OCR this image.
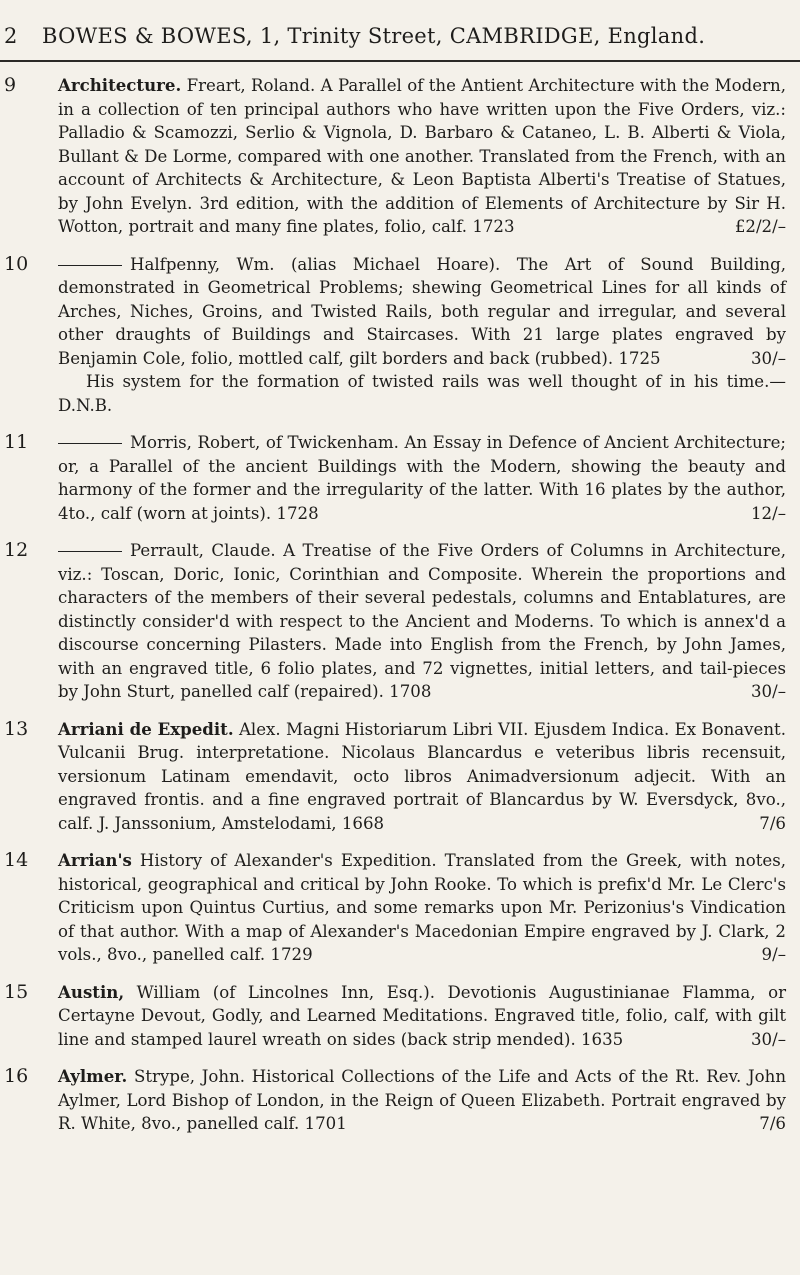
2 BOWES & BOWES, 1, Trinity Street, CAMBRIDGE, England.
9	Architecture. Freart, Roland. A Parallel of the Antient Architecture with the Modern, in a collection of ten principal authors who have written upon the Five Orders, viz.: Palladio & Scamozzi, Serlio & Vignola, D. Barbaro & Cataneo, L. B. Alberti & Viola, Bullant & De Lorme, compared with one another. Translated from the French, with an account of Architects & Architecture, & Leon Baptista Alberti's Treatise of Statues, by John Evelyn. 3rd edition, with the addition of Elements of Architecture by Sir H. Wotton, portrait and many fine plates, folio, calf. 1723	£2/2/–
10	Halfpenny, Wm. (alias Michael Hoare). The Art of Sound Building, demonstrated in Geometrical Problems; shewing Geometrical Lines for all kinds of Arches, Niches, Groins, and Twisted Rails, both regular and irregular, and several other draughts of Buildings and Staircases. With 21 large plates engraved by Benjamin Cole, folio, mottled calf, gilt borders and back (rubbed). 1725	30/–
His system for the formation of twisted rails was well thought of in his time.— D.N.B.
11	Morris, Robert, of Twickenham. An Essay in Defence of Ancient Architecture; or, a Parallel of the ancient Buildings with the Modern, showing the beauty and harmony of the former and the irregularity of the latter. With 16 plates by the author, 4to., calf (worn at joints). 1728	12/–
12	Perrault, Claude. A Treatise of the Five Orders of Columns in Architecture, viz.: Toscan, Doric, Ionic, Corinthian and Composite. Wherein the proportions and characters of the members of their several pedestals, columns and Entablatures, are distinctly consider'd with respect to the Ancient and Moderns. To which is annex'd a discourse concerning Pilasters. Made into English from the French, by John James, with an engraved title, 6 folio plates, and 72 vignettes, initial letters, and tail-pieces by John Sturt, panelled calf (repaired). 1708	30/–
13 Arriani de Expedit. Alex. Magni Historiarum Libri VII. Ejusdem Indica. Ex Bonavent. Vulcanii Brug. interpretatione. Nicolaus Blancardus e veteribus libris recensuit, versionum Latinam emendavit, octo libros Animadversionum adjecit. With an engraved frontis. and a fine engraved portrait of Blancardus by W. Eversdyck, 8vo., calf. J. Janssonium, Amstelodami, 1668	7/6
14 Arrian's History of Alexander's Expedition. Translated from the Greek, with notes, historical, geographical and critical by John Rooke. To which is prefix'd Mr. Le Clerc's Criticism upon Quintus Curtius, and some remarks upon Mr. Perizonius's Vindication of that author. With a map of Alexander's Macedonian Empire engraved by J. Clark, 2 vols., 8vo., panelled calf. 1729	9/–
15 Austin, William (of Lincolnes Inn, Esq.). Devotionis Augustinianae Flamma, or Certayne Devout, Godly, and Learned Meditations. Engraved title, folio, calf, with gilt line and stamped laurel wreath on sides (back strip mended). 1635	30/–
16 Aylmer. Strype, John. Historical Collections of the Life and Acts of the Rt. Rev. John Aylmer, Lord Bishop of London, in the Reign of Queen Elizabeth. Portrait engraved by R. White, 8vo., panelled calf. 1701	7/6
